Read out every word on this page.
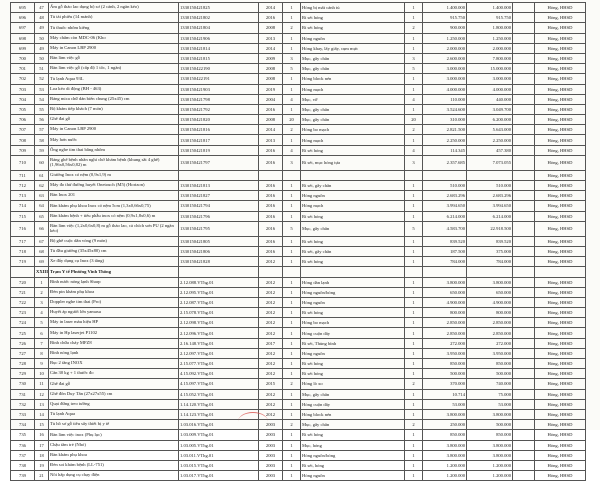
695	47	Ấm gỗ thảo lao dụng bộ sơ (2 cánh, 2 ngăn kéo)	1330150421825	2014	1	Hỏng bị mất cánh tủ	1	1.400.000	1.400.000		Hỏng, HHSD
696	48	Tủ tài phiếu (14 mảnh)	1330150421802	2016	1	Rỉ sét hỏng	1	915.750	915.750		Hỏng, HHSD
697	49	Tủ thuốc nhôm kiếng	1330150421804	2008	2	Rỉ sét hỏng	2	900.000	1.800.000		Hỏng, HHSD
698	50	Máy chấm còn MDC-06 (Kho	1330150421906	2013	1	Hỏng nguồn	1	1.250.000	1.250.000		Hỏng, HHSD
699	49	Máy in Canon LBP 2900	1330150421814	2014	1	Hỏng khay, lấy giấy, cụm mực	1	2.000.000	2.000.000		Hỏng, HHSD
700	50	Bàn làm việc gỗ	1330150421815	2009	3	Mục, gãy chân	3	2.600.000	7.800.000		Hỏng, HHSD
701	51	Bàn làm việc gỗ (cấp độ 1 tốc, 1 ngăn)	1330150422190	2008	5	Mục, gãy chân	5	3.000.000	15.000.000		Hỏng, HHSD
702	52	Tủ lạnh Aqua 93L	1330150422191	2008	1	Hỏng block nén	1	3.000.000	3.000.000		Hỏng, HHSD
703	53	Loa kéo di động (BH - 463)	1330150421903	2019	1	Hỏng mạch	1	4.000.000	4.000.000		Hỏng, HHSD
704	54	Bảng mica chữ dán biển chung (25x45) cm	1330150421798	2004	4	Mục, vỡ	4	110.000	440.000		Hỏng, HHSD
705	55	Bộ khám tiếp khách (7 món)	1330150421792	2016	1	Mục, gãy chân	1	3.524.600	3.049.700		Hỏng, HHSD
706	56	Ghế đai gỗ	1330150421820	2008	20	Mục, gãy chân	20	310.000	6.200.000		Hỏng, HHSD
707	57	Máy in Canon LBP 2900	1330150421816	2014	2	Hỏng bo mạch	2	2.821.500	5.643.000		Hỏng, HHSD
708	58	Máy hơn nước	1330150421817	2013	1	Hỏng mạch	1	2.250.000	2.250.000		Hỏng, HHSD
709	59	Ống nghe tim thai bằng nhôm	1330150421819	2016	4	Rỉ sét hỏng	4	114.345	457.380		Hỏng, HHSD
710	60	Bảng ghế bệnh nhân nghỉ chờ khám bệnh (khung sắt 4 ghế) (1,96x0,56x0,82) m	1330150421797	2016	3	Rỉ sét, mục hỏng tựa	3	2.357.685	7.073.055		Hỏng, HHSD
711	61	Giường Inox có nệm (0,9x1,9) m									Hỏng, HHSD
712	62	Máy đo thử đường huyết Onetouch (M5) (Horizon)	1330150421813	2016	1	Rỉ sét, gãy chân	1	510.000	510.000		Hỏng, HHSD
713	63	Bàn Inox 201	1330150421827	2016	1	Hỏng nguồn	1	2.683.296	2.683.296		Hỏng, HHSD
714	64	Bàn khám phụ khoa Inox có nệm 5cm (1,3x0,66x0,75)	1330150421794	2016	1	Hỏng mạch	1	3.994.650	3.994.650		Hỏng, HHSD
715	65	Bàn khám bệnh + tiểu phẫu inox có nệm (0,9x1,8x0,6) m	1330150421796	2016	1	Rỉ sét hỏng	1	6.214.000	6.214.000		Hỏng, HHSD
716	66	Bàn làm việc (1,2x0,6x0,8) m gỗ thảo lao, cả chích sơn PU (2 ngăn kéo)	1330150421795	2016	5	Mục, gãy chân	5	4.583.700	22.918.500		Hỏng, HHSD
717	67	Bộ ghế cuộc dân vòng (9 món)	1330150421805	2016	1	Rỉ sét hỏng	1	839.520	839.520		Hỏng, HHSD
718	68	Tủ đầu giường (35x45x80) cm	1330150421806	2016	1	Rỉ sét, gãy chân	1	187.500	375.000		Hỏng, HHSD
719	69	Xe đẩy dụng cụ Inox (3 tầng)	1330150421828	2012	1	Rỉ sét hỏng	1	784.000	784.000		Hỏng, HHSD
	XXIII	Trạm Y tế Phường Vĩnh Thông									
720	1	Bình nước nóng lạnh Sharp	2.12.088.VThg.01	2012	1	Hỏng dàn lạnh	1	3.800.000	3.800.000		Hỏng, HHSD
721	2	Đèn pin khám phụ khoa	2.12.095.VThg.01	2012	1	Hỏng nguồn/bóng	1	650.000	650.000		Hỏng, HHSD
722	3	Doppler nghe tim thai (Pro)	2.12.087.VThg.01	2012	1	Hỏng nguồn	1	4.900.000	4.900.000		Hỏng, HHSD
723	4	Huyết áp người lớn yamasu	2.15.078.VThg.01	2012	1	Rỉ sét hỏng	1	800.000	800.000		Hỏng, HHSD
724	5	Máy in laser màu hiệu HP	2.12.098.VThg.01	2012	1	Hỏng bo mạch	1	2.850.000	2.850.000		Hỏng, HHSD
725	6	Máy in Hp laserjet P1102	2.12.096.VThg.01	2012	1	Hỏng cuộn dây	1	2.850.000	2.850.000		Hỏng, HHSD
726	7	Bình chữa cháy MFZ8	2.16.148.VThg.01	2017	1	Rỉ sét, Thủng bình	1	272.000	272.000		Hỏng, HHSD
727	8	Bình nóng lạnh	2.12.097.VThg.01	2012	1	Hỏng nguồn	1	3.950.000	3.950.000		Hỏng, HHSD
728	9	Bục 2 tầng INOX	2.15.077.VThg.01	2012	1	Rỉ sét hỏng	1	850.000	850.000		Hỏng, HHSD
729	10	Cân 30 kg + 1 thước đo	4.15.092.VThg.01	2012	1	Rỉ sét hỏng	1	500.000	500.000		Hỏng, HHSD
730	11	Ghế đai gỗ	4.15.097.VThg.01	2015	2	Hỏng lò xo	2	370.000	740.000		Hỏng, HHSD
731	12	Ghế đôn Duy Tân (27x27x55) cm	4.15.052.VThg.01	2012	1	Mục, gãy chân	1	10.714	75.000		Hỏng, HHSD
732	13	Quạt đứng treo tường	1.14.120.VThg.01	2012	1	Hỏng cuộn dây	1	53.000	53.000		Hỏng, HHSD
733	14	Tủ lạnh Aqua	1.14.123.VThg.01	2012	1	Hỏng block nén	1	3.800.000	3.800.000		Hỏng, HHSD
734	15	Tủ hồ sơ gỗ tiêu sấy thiết bị y tế	1.03.016.VThg.01	2003	2	Mục, gãy chân	2	250.000	500.000		Hỏng, HHSD
735	16	Bàn làm việc inox (Phụ lục)	1.03.009.VThg.01	2003	1	Rỉ sét hỏng	1	850.000	850.000		Hỏng, HHSD
736	17	Chậu tắm trẻ (Nhỏ)	1.03.005.VThg.01	2003	1	Mục, hỏng	1	3.800.000	3.800.000		Hỏng, HHSD
737	18	Bàn khám phụ khoa	1.03.011.VThg.01	2003	1	Hỏng nguồn/bóng	1	3.800.000	3.800.000		Hỏng, HHSD
738	19	Đèn soi khám bệnh (LL-751)	1.03.015.VThg.01	2003	1	Rỉ sét, hỏng	1	1.200.000	1.200.000		Hỏng, HHSD
739	21	Nồi hấp dụng cụ chạy điện	1.03.017.VThg.01	2003	1	Hỏng nguồn	1	1.200.000	1.200.000		Hỏng, HHSD
